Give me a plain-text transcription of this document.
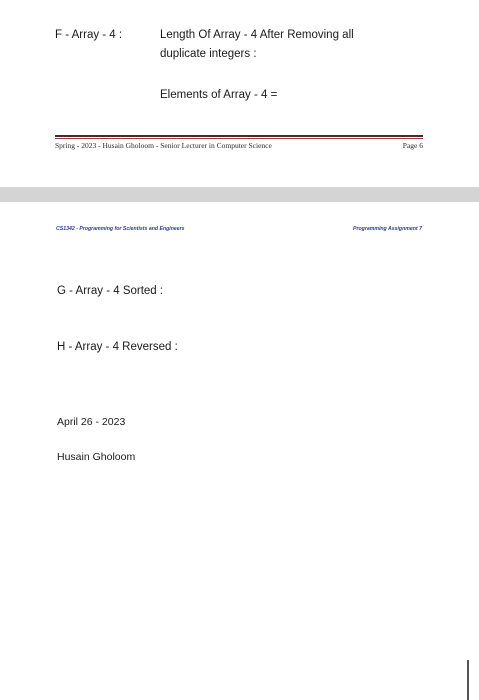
F - Array - 4 :	Length Of Array - 4 After Removing all
duplicate integers :
Elements of Array - 4 =
Spring - 2023 - Husain Gholoom - Senior Lecturer in Computer Science	Page 6
CS1342 - Programming for Scientists and Engineers	Programming Assignment 7
G - Array - 4 Sorted :
H - Array - 4 Reversed :
April 26 - 2023
Husain Gholoom
